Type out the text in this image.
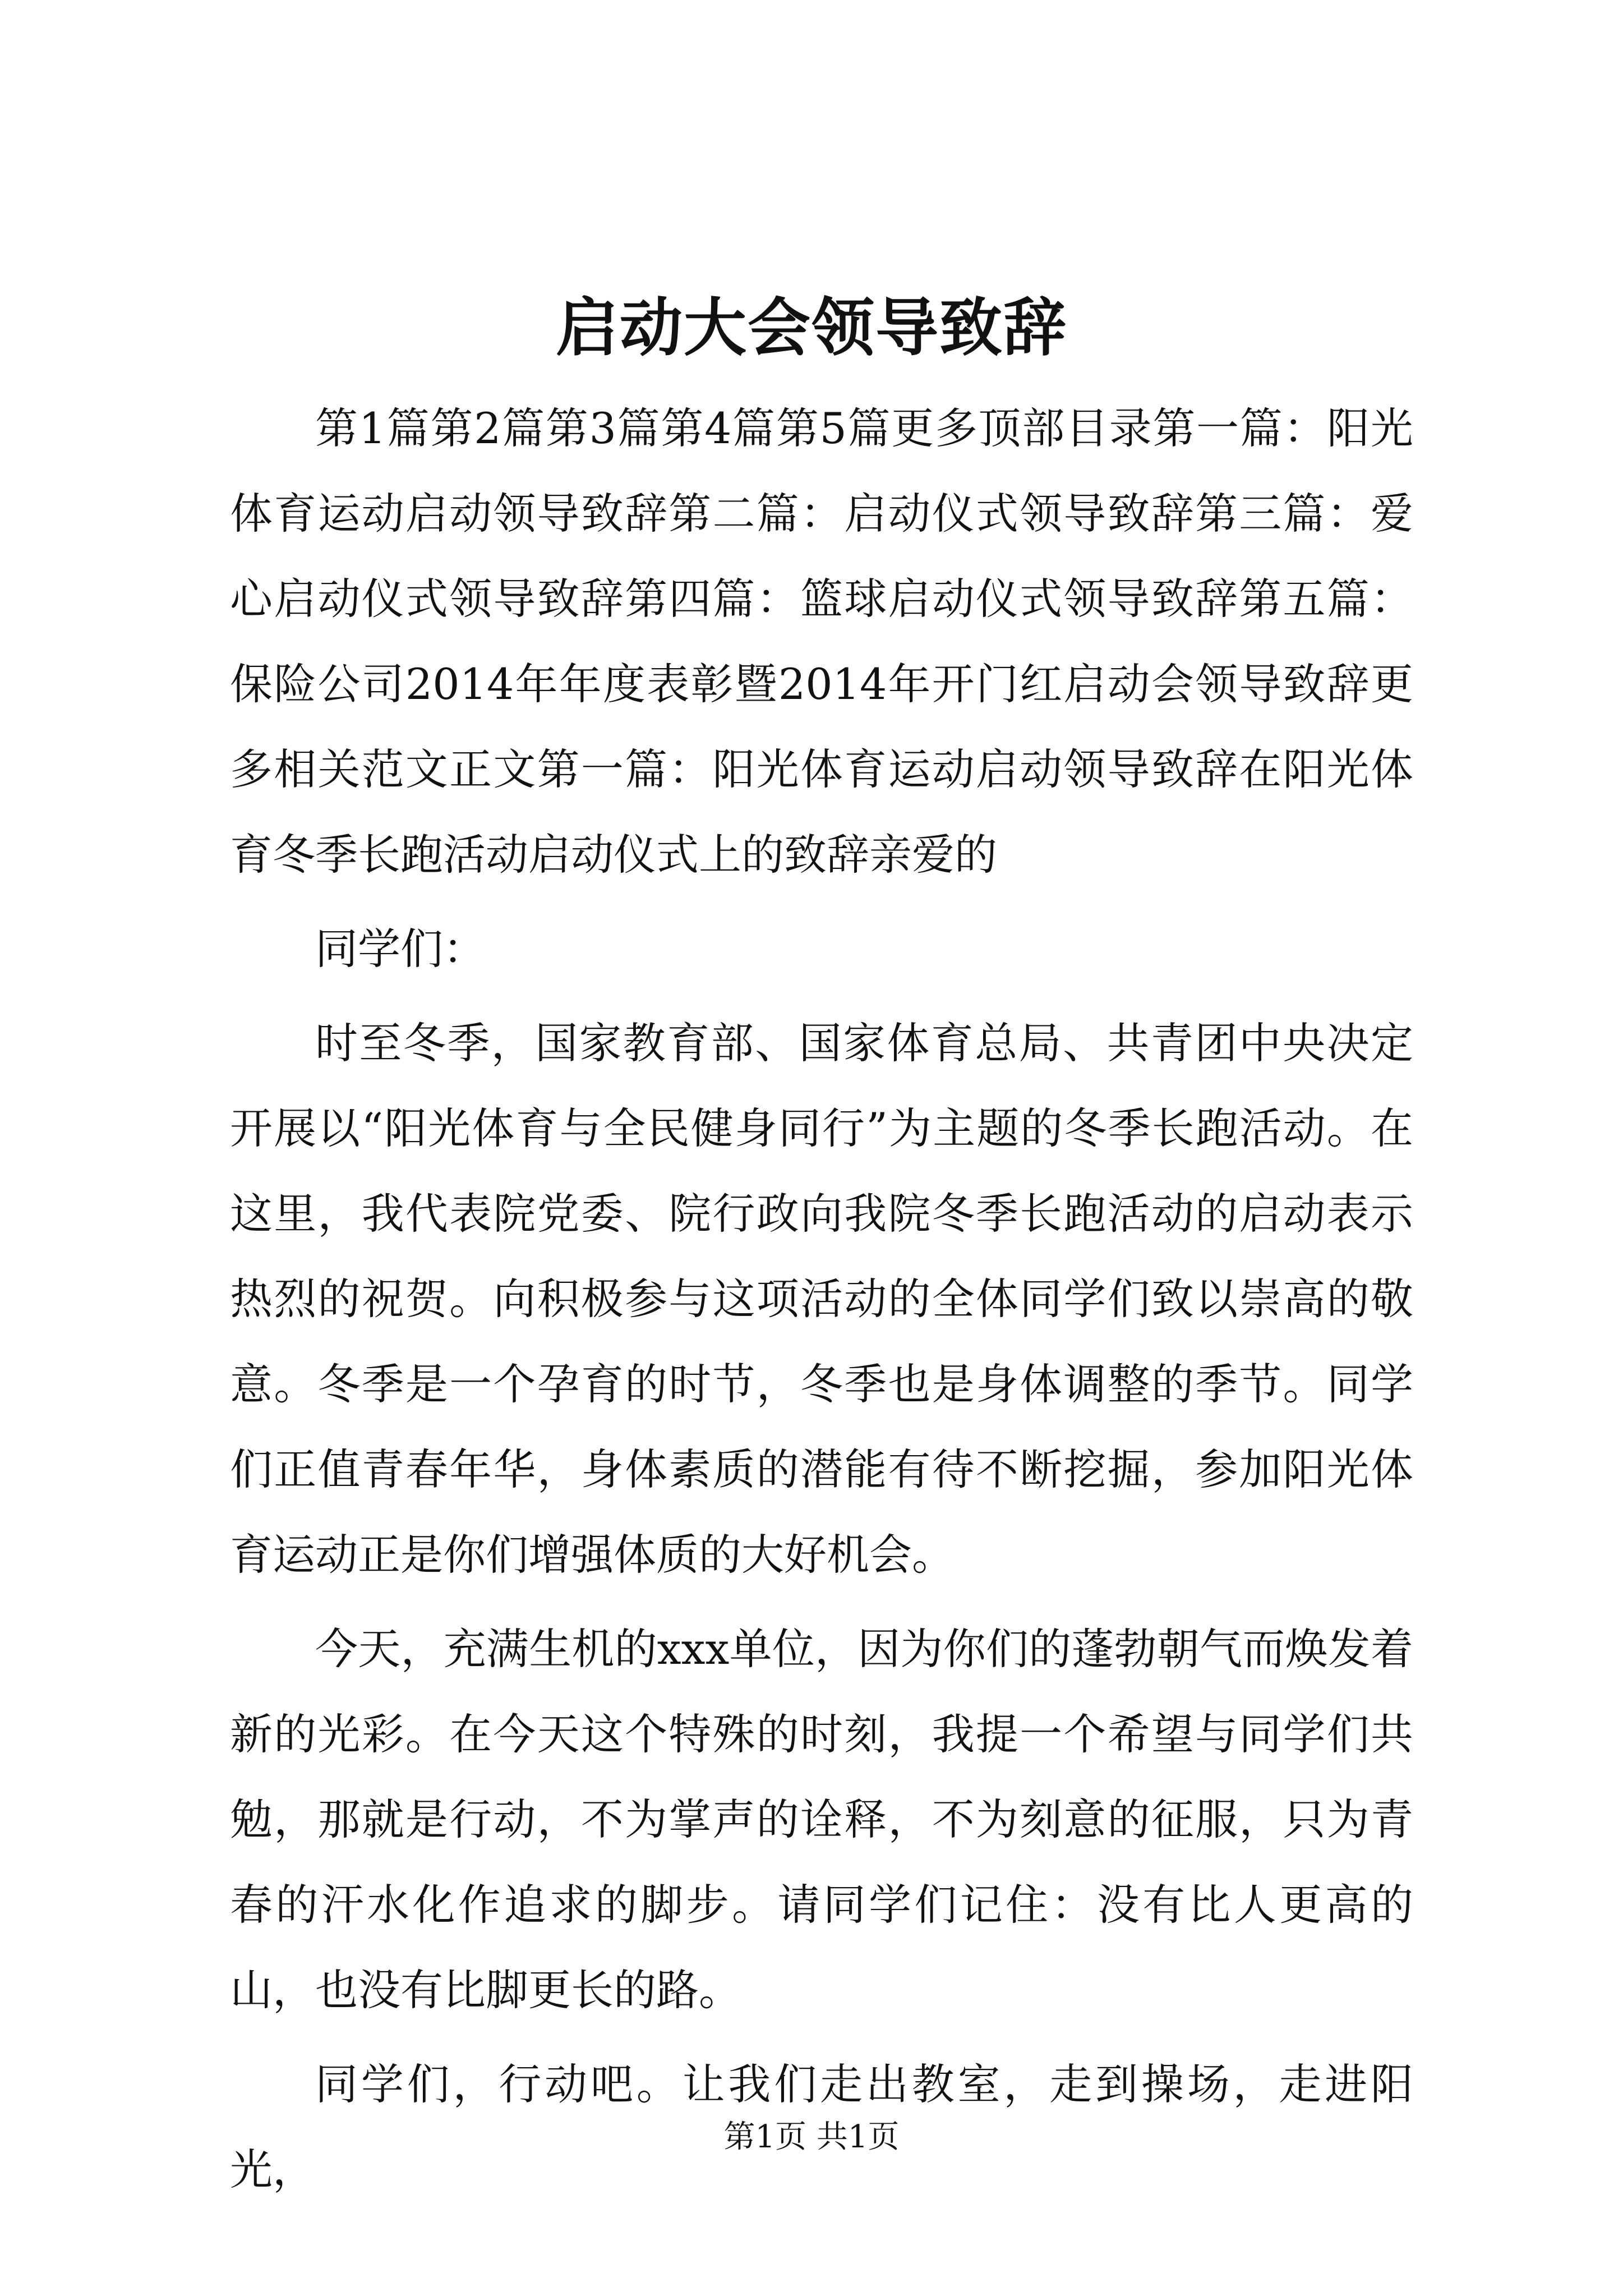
启动大会领导致辞

第1篇第2篇第3篇第4篇第5篇更多顶部目录第一篇：阳光体育运动启动领导致辞第二篇：启动仪式领导致辞第三篇：爱心启动仪式领导致辞第四篇：篮球启动仪式领导致辞第五篇：保险公司2014年年度表彰暨2014年开门红启动会领导致辞更多相关范文正文第一篇：阳光体育运动启动领导致辞在阳光体育冬季长跑活动启动仪式上的致辞亲爱的

同学们：

时至冬季，国家教育部、国家体育总局、共青团中央决定开展以“阳光体育与全民健身同行”为主题的冬季长跑活动。在这里，我代表院党委、院行政向我院冬季长跑活动的启动表示热烈的祝贺。向积极参与这项活动的全体同学们致以崇高的敬意。冬季是一个孕育的时节，冬季也是身体调整的季节。同学们正值青春年华，身体素质的潜能有待不断挖掘，参加阳光体育运动正是你们增强体质的大好机会。

今天，充满生机的xxx单位，因为你们的蓬勃朝气而焕发着新的光彩。在今天这个特殊的时刻，我提一个希望与同学们共勉，那就是行动，不为掌声的诠释，不为刻意的征服，只为青春的汗水化作追求的脚步。请同学们记住：没有比人更高的山，也没有比脚更长的路。

同学们，行动吧。让我们走出教室，走到操场，走进阳光，

第1页 共1页
